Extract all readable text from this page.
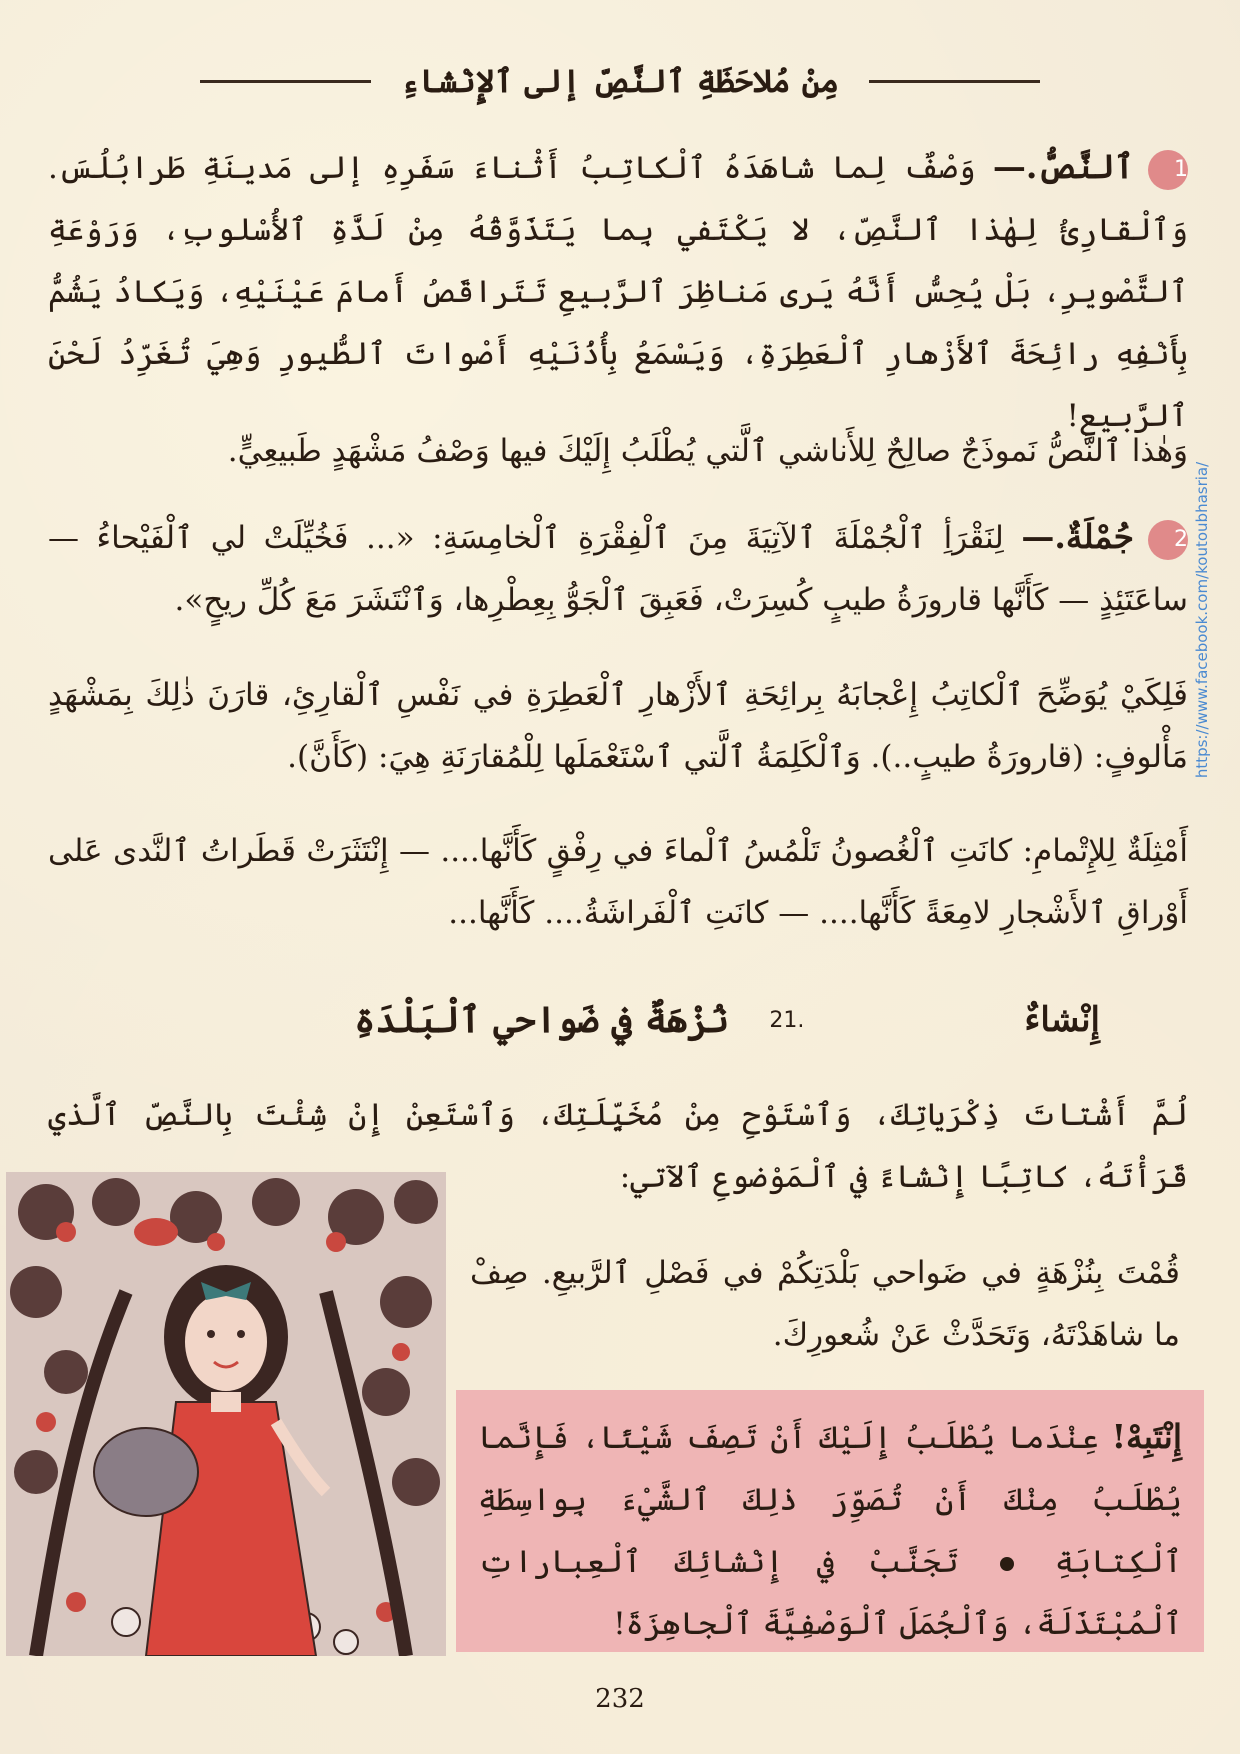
مِنْ مُلاحَظَةِ ٱلنَّصِّ إلى ٱلإِنْشاءِ

1ٱلنَّصُّ.— وَصْفٌ لِما شاهَدَهُ ٱلْكاتِبُ أَثْناءَ سَفَرِهِ إلى مَدينَةِ طَرابُلُسَ. وَٱلْقارِئُ لِهٰذا ٱلنَّصِّ، لا يَكْتَفي بِما يَتَذَوَّقُهُ مِنْ لَذَّةِ ٱلأُسْلوبِ، وَرَوْعَةِ ٱلتَّصْويرِ، بَلْ يُحِسُّ أَنَّهُ يَرى مَناظِرَ ٱلرَّبيعِ تَتَراقَصُ أَمامَ عَيْنَيْهِ، وَيَكادُ يَشُمُّ بِأَنْفِهِ رائِحَةَ ٱلأَزْهارِ ٱلْعَطِرَةِ، وَيَسْمَعُ بِأُذُنَيْهِ أَصْواتَ ٱلطُّيورِ وَهِيَ تُغَرِّدُ لَحْنَ ٱلرَّبيعِ!

وَهٰذا ٱلنَّصُّ نَموذَجٌ صالِحٌ لِلأَناشي ٱلَّتي يُطْلَبُ إِلَيْكَ فيها وَصْفُ مَشْهَدٍ طَبيعِيٍّ.

2جُمْلَةٌ.— لِنَقْرَأِ ٱلْجُمْلَةَ ٱلآتِيَةَ مِنَ ٱلْفِقْرَةِ ٱلْخامِسَةِ: «... فَخُيِّلَتْ لي ٱلْفَيْحاءُ — ساعَتَئِذٍ — كَأَنَّها قارورَةُ طيبٍ كُسِرَتْ، فَعَبِقَ ٱلْجَوُّ بِعِطْرِها، وَٱنْتَشَرَ مَعَ كُلِّ ريحٍ».

فَلِكَيْ يُوَضِّحَ ٱلْكاتِبُ إِعْجابَهُ بِرائِحَةِ ٱلأَزْهارِ ٱلْعَطِرَةِ في نَفْسِ ٱلْقارِئِ، قارَنَ ذٰلِكَ بِمَشْهَدٍ مَأْلوفٍ: (قارورَةُ طيبٍ..). وَٱلْكَلِمَةُ ٱلَّتي ٱسْتَعْمَلَها لِلْمُقارَنَةِ هِيَ: (كَأَنَّ).

أَمْثِلَةٌ لِلإِتْمامِ: كانَتِ ٱلْغُصونُ تَلْمُسُ ٱلْماءَ في رِفْقٍ كَأَنَّها.... — إِنْتَثَرَتْ قَطَراتُ ٱلنَّدى عَلى أَوْراقِ ٱلأَشْجارِ لامِعَةً كَأَنَّها.... — كانَتِ ٱلْفَراشَةُ.... كَأَنَّها...

إِنْشاءٌ
.21
نُزْهَةٌ في ضَواحي ٱلْبَلْدَةِ

لُمَّ أَشْتاتَ ذِكْرَياتِكَ، وَٱسْتَوْحِ مِنْ مُخَيِّلَتِكَ، وَٱسْتَعِنْ إِنْ شِئْتَ بِالنَّصِّ ٱلَّذي قَرَأْتَهُ، كاتِبًا إِنْشاءً في ٱلْمَوْضوعِ ٱلآتي:

قُمْتَ بِنُزْهَةٍ في ضَواحي بَلْدَتِكُمْ في فَصْلِ ٱلرَّبيعِ. صِفْ ما شاهَدْتَهُ، وَتَحَدَّثْ عَنْ شُعورِكَ.

إِنْتَبِهْ! عِنْدَما يُطْلَبُ إِلَيْكَ أَنْ تَصِفَ شَيْئًا، فَإِنَّما يُطْلَبُ مِنْكَ أَنْ تُصَوِّرَ ذٰلِكَ ٱلشَّيْءَ بِواسِطَةِ ٱلْكِتابَةِ  تَجَنَّبْ في إِنْشائِكَ ٱلْعِباراتِ ٱلْمُبْتَذَلَةَ، وَٱلْجُمَلَ ٱلْوَصْفِيَّةَ ٱلْجاهِزَةَ!
https://www.facebook.com/koutoubhasria/
232
